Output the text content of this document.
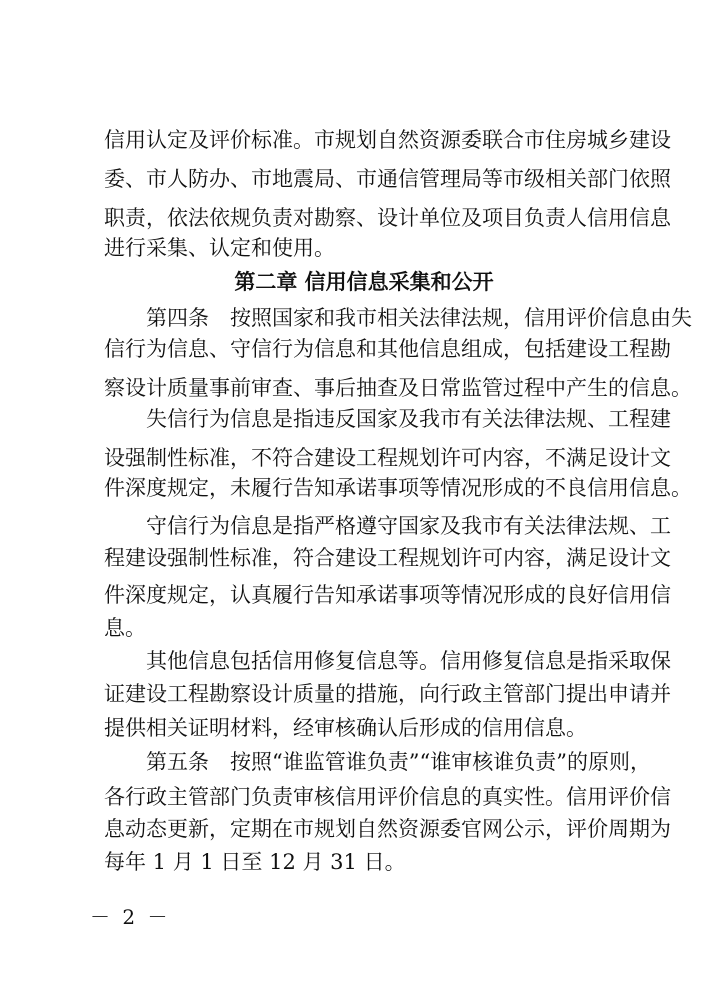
信用认定及评价标准。市规划自然资源委联合市住房城乡建设
委、市人防办、市地震局、市通信管理局等市级相关部门依照
职责，依法依规负责对勘察、设计单位及项目负责人信用信息
进行采集、认定和使用。
第二章 信用信息采集和公开
第四条　按照国家和我市相关法律法规，信用评价信息由失
信行为信息、守信行为信息和其他信息组成，包括建设工程勘
察设计质量事前审查、事后抽查及日常监管过程中产生的信息。
失信行为信息是指违反国家及我市有关法律法规、工程建
设强制性标准，不符合建设工程规划许可内容，不满足设计文
件深度规定，未履行告知承诺事项等情况形成的不良信用信息。
守信行为信息是指严格遵守国家及我市有关法律法规、工
程建设强制性标准，符合建设工程规划许可内容，满足设计文
件深度规定，认真履行告知承诺事项等情况形成的良好信用信
息。
其他信息包括信用修复信息等。信用修复信息是指采取保
证建设工程勘察设计质量的措施，向行政主管部门提出申请并
提供相关证明材料，经审核确认后形成的信用信息。
第五条　按照“谁监管谁负责”“谁审核谁负责”的原则，
各行政主管部门负责审核信用评价信息的真实性。信用评价信
息动态更新，定期在市规划自然资源委官网公示，评价周期为
每年 1 月 1 日至 12 月 31 日。
－ 2 －
